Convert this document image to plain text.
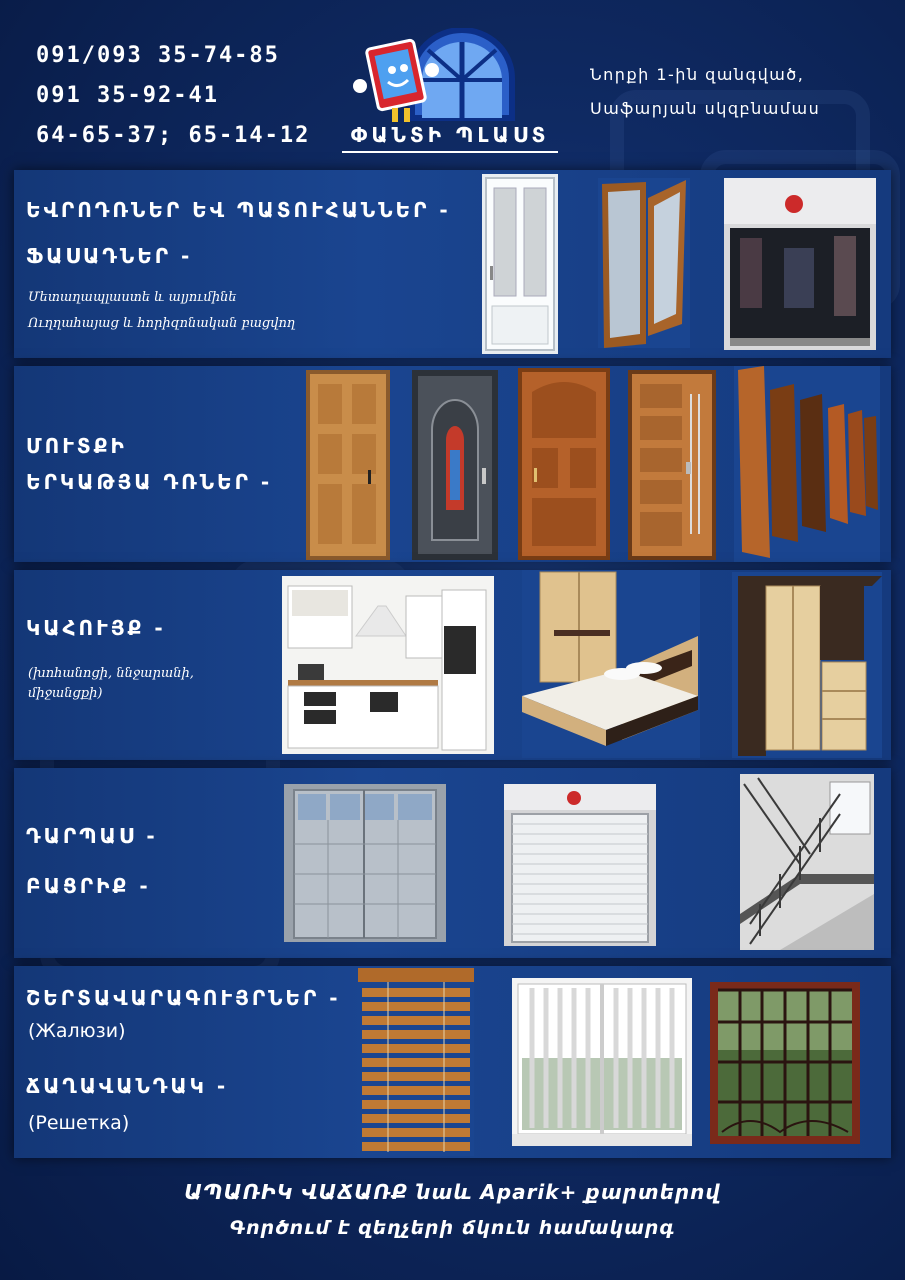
091/093 35-74-85
091 35-92-41
64-65-37; 65-14-12	ՓԱՆՏԻ ՊԼԱՍՏ
Նորքի 1-ին զանգված,
Սաֆարյան սկզբնամաս
ԵՎՐՈԴՌՆԵՐ ԵՎ ՊԱՏՈՒՀԱՆՆԵՐ -
ՖԱՍԱԴՆԵՐ -
Մետաղապլաստե և ալյումինե
Ուղղահայաց և հորիզոնական բացվող
ՄՈՒՏՔԻ
ԵՐԿԱԹՅԱ ԴՌՆԵՐ -
ԿԱՀՈՒՅՔ -
(խոհանոցի, ննջարանի,
միջանցքի)
ԴԱՐՊԱՍ -
ԲԱՑՐԻՔ -
ՇԵՐՏԱՎԱՐԱԳՈՒՅՐՆԵՐ -
(Жалюзи)
ՃԱՂԱՎԱՆԴԱԿ -
(Решетка)
ԱՊԱՌԻԿ ՎԱՃԱՌՔ նաև Aparik+ քարտերով
Գործում է զեղչերի ճկուն համակարգ
